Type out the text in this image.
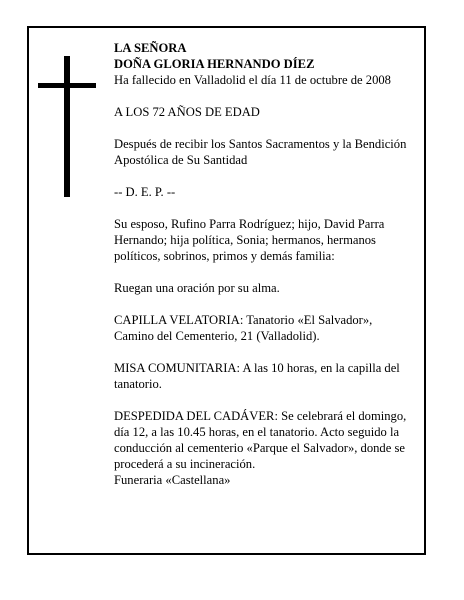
LA SEÑORA

DOÑA GLORIA HERNANDO DÍEZ

Ha fallecido en Valladolid el día 11 de octubre de 2008

A LOS 72 AÑOS DE EDAD

Después de recibir los Santos Sacramentos y la Bendición Apostólica de Su Santidad

-- D. E. P. --

Su esposo, Rufino Parra Rodríguez; hijo, David Parra Hernando; hija política, Sonia; hermanos, hermanos políticos, sobrinos, primos y demás familia:

Ruegan una oración por su alma.

CAPILLA VELATORIA: Tanatorio «El Salvador», Camino del Cementerio, 21 (Valladolid).

MISA COMUNITARIA: A las 10 horas, en la capilla del tanatorio.

DESPEDIDA DEL CADÁVER: Se celebrará el domingo, día 12, a las 10.45 horas, en el tanatorio. Acto seguido la conducción al cementerio «Parque el Salvador», donde se procederá a su incineración.

Funeraria «Castellana»
